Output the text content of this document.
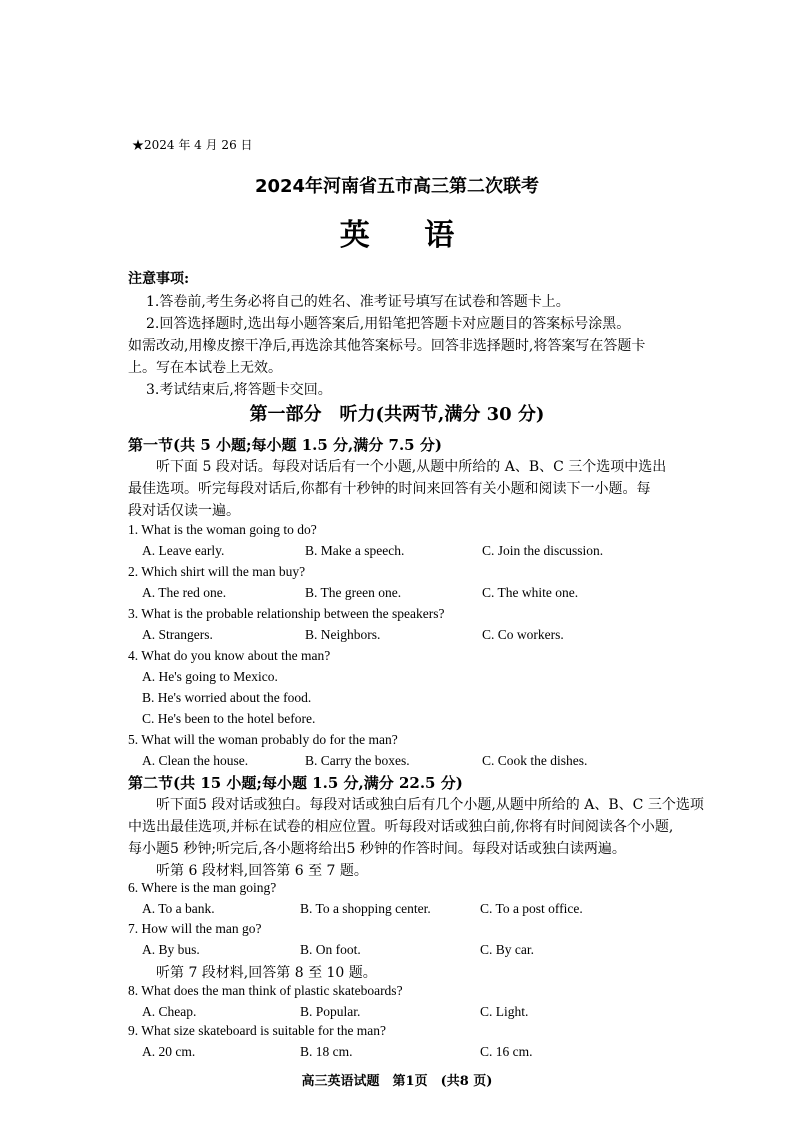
★2024 年 4 月 26 日
2024年河南省五市高三第二次联考
英 语
注意事项:
1.答卷前,考生务必将自己的姓名、准考证号填写在试卷和答题卡上。
2.回答选择题时,选出每小题答案后,用铅笔把答题卡对应题目的答案标号涂黑。
如需改动,用橡皮擦干净后,再选涂其他答案标号。回答非选择题时,将答案写在答题卡
上。写在本试卷上无效。
3.考试结束后,将答题卡交回。
第一部分　听力(共两节,满分 30 分)
第一节(共 5 小题;每小题 1.5 分,满分 7.5 分)
听下面 5 段对话。每段对话后有一个小题,从题中所给的 A、B、C 三个选项中选出
最佳选项。听完每段对话后,你都有十秒钟的时间来回答有关小题和阅读下一小题。每
段对话仅读一遍。
1. What is the woman going to do?
A. Leave early.	B. Make a speech.	C. Join the discussion.
2. Which shirt will the man buy?
A. The red one.	B. The green one.	C. The white one.
3. What is the probable relationship between the speakers?
A. Strangers.	B. Neighbors.	C. Co workers.
4. What do you know about the man?
A. He's going to Mexico.
B. He's worried about the food.
C. He's been to the hotel before.
5. What will the woman probably do for the man?
A. Clean the house.	B. Carry the boxes.	C. Cook the dishes.
第二节(共 15 小题;每小题 1.5 分,满分 22.5 分)
听下面5 段对话或独白。每段对话或独白后有几个小题,从题中所给的 A、B、C 三个选项
中选出最佳选项,并标在试卷的相应位置。听每段对话或独白前,你将有时间阅读各个小题,
每小题5 秒钟;听完后,各小题将给出5 秒钟的作答时间。每段对话或独白读两遍。
听第 6 段材料,回答第 6 至 7 题。
6. Where is the man going?
A. To a bank.	B. To a shopping center.	C. To a post office.
7. How will the man go?
A. By bus.	B. On foot.	C. By car.
听第 7 段材料,回答第 8 至 10 题。
8. What does the man think of plastic skateboards?
A. Cheap.	B. Popular.	C. Light.
9. What size skateboard is suitable for the man?
A. 20 cm.	B. 18 cm.	C. 16 cm.
高三英语试题　第1页　(共8 页)
